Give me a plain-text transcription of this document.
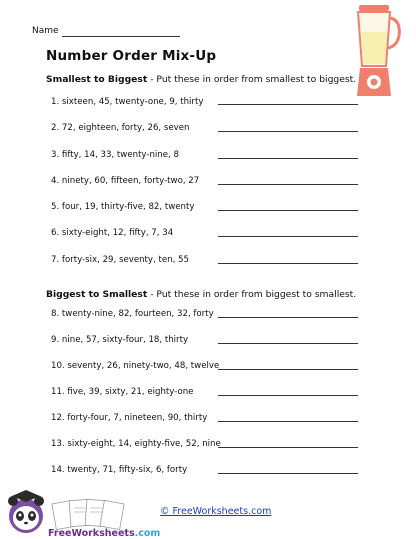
Name
Number Order Mix-Up
Smallest to Biggest - Put these in order from smallest to biggest.
1. sixteen, 45, twenty-one, 9, thirty
2. 72, eighteen, forty, 26, seven
3. fifty, 14, 33, twenty-nine, 8
4. ninety, 60, fifteen, forty-two, 27
5. four, 19, thirty-five, 82, twenty
6. sixty-eight, 12, fifty, 7, 34
7. forty-six, 29, seventy, ten, 55
Biggest to Smallest - Put these in order from biggest to smallest.
8. twenty-nine, 82, fourteen, 32, forty
9. nine, 57, sixty-four, 18, thirty
10. seventy, 26, ninety-two, 48, twelve
11. five, 39, sixty, 21, eighty-one
12. forty-four, 7, nineteen, 90, thirty
13. sixty-eight, 14, eighty-five, 52, nine
14. twenty, 71, fifty-six, 6, forty
FreeWorksheets.com
© FreeWorksheets.com
